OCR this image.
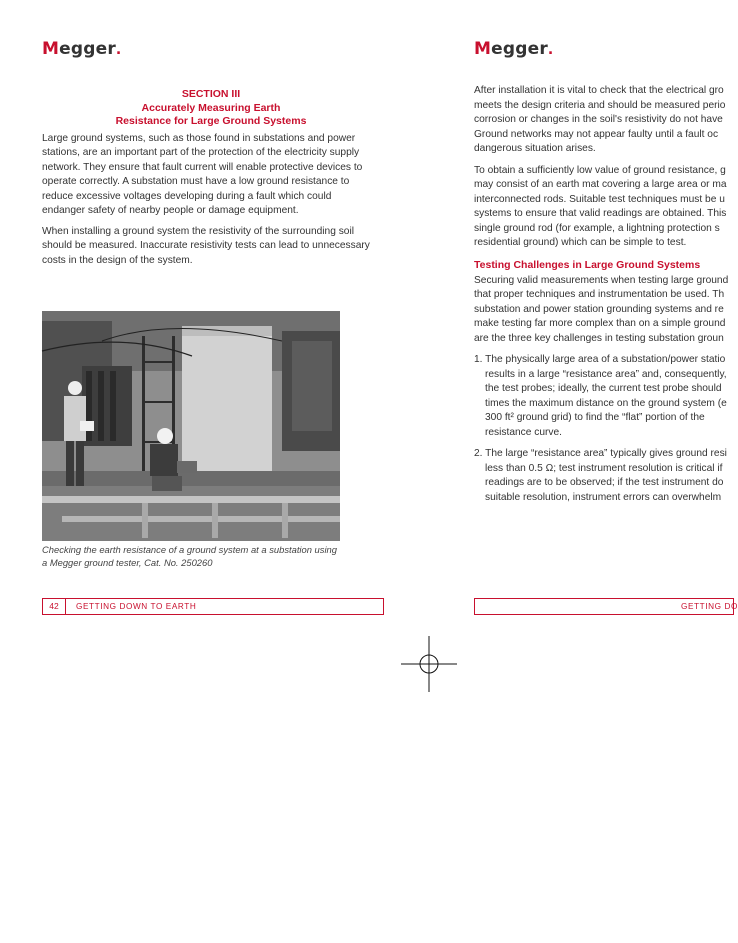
Megger.	Megger.
SECTION III
Accurately Measuring Earth
Resistance for Large Ground Systems

Large ground systems, such as those found in substations and power
stations, are an important part of the protection of the electricity supply
network. They ensure that fault current will enable protective devices to
operate correctly. A substation must have a low ground resistance to
reduce excessive voltages developing during a fault which could
endanger safety of nearby people or damage equipment.

When installing a ground system the resistivity of the surrounding soil
should be measured. Inaccurate resistivity tests can lead to unnecessary
costs in the design of the system.

Checking the earth resistance of a ground system at a substation using
a Megger ground tester, Cat. No. 250260
42	GETTING DOWN TO EARTH

After installation it is vital to check that the electrical gro
meets the design criteria and should be measured perio
corrosion or changes in the soil's resistivity do not have
Ground networks may not appear faulty until a fault oc
dangerous situation arises.

To obtain a sufficiently low value of ground resistance, g
may consist of an earth mat covering a large area or ma
interconnected rods. Suitable test techniques must be u
systems to ensure that valid readings are obtained. This
single ground rod (for example, a lightning protection s
residential ground) which can be simple to test.

Testing Challenges in Large Ground Systems

Securing valid measurements when testing large ground
that proper techniques and instrumentation be used. Th
substation and power station grounding systems and re
make testing far more complex than on a simple ground
are the three key challenges in testing substation groun

1. The physically large area of a substation/power statio
results in a large “resistance area” and, consequently,
the test probes; ideally, the current test probe should
times the maximum distance on the ground system (e
300 ft² ground grid) to find the “flat” portion of the
resistance curve.
2. The large “resistance area” typically gives ground resi
less than 0.5 Ω; test instrument resolution is critical if
readings are to be observed; if the test instrument do
suitable resolution, instrument errors can overwhelm
GETTING DO
